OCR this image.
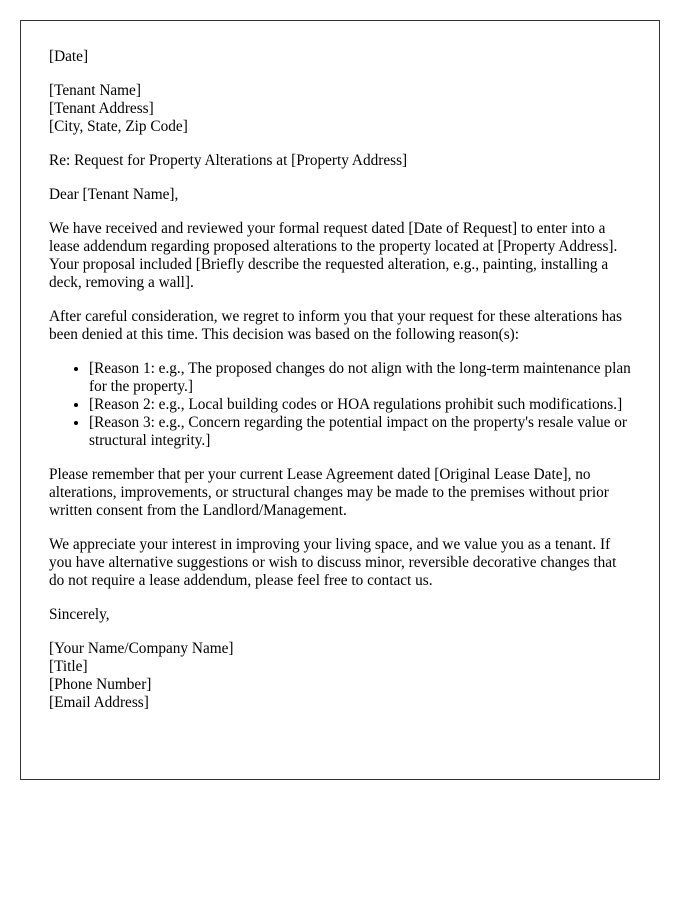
[Date]

[Tenant Name]
[Tenant Address]
[City, State, Zip Code]

Re: Request for Property Alterations at [Property Address]

Dear [Tenant Name],

We have received and reviewed your formal request dated [Date of Request] to enter into a lease addendum regarding proposed alterations to the property located at [Property Address]. Your proposal included [Briefly describe the requested alteration, e.g., painting, installing a deck, removing a wall].

After careful consideration, we regret to inform you that your request for these alterations has been denied at this time. This decision was based on the following reason(s):

• [Reason 1: e.g., The proposed changes do not align with the long-term maintenance plan for the property.]
• [Reason 2: e.g., Local building codes or HOA regulations prohibit such modifications.]
• [Reason 3: e.g., Concern regarding the potential impact on the property's resale value or structural integrity.]

Please remember that per your current Lease Agreement dated [Original Lease Date], no alterations, improvements, or structural changes may be made to the premises without prior written consent from the Landlord/Management.

We appreciate your interest in improving your living space, and we value you as a tenant. If you have alternative suggestions or wish to discuss minor, reversible decorative changes that do not require a lease addendum, please feel free to contact us.

Sincerely,

[Your Name/Company Name]
[Title]
[Phone Number]
[Email Address]
